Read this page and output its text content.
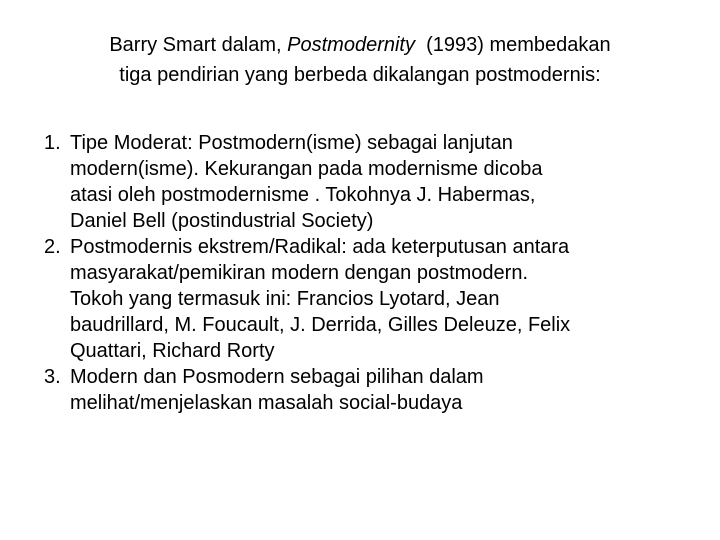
Barry Smart dalam, Postmodernity  (1993) membedakan
tiga pendirian yang berbeda dikalangan postmodernis:
1. Tipe Moderat: Postmodern(isme) sebagai lanjutan
modern(isme). Kekurangan pada modernisme dicoba
atasi oleh postmodernisme . Tokohnya J. Habermas,
Daniel Bell (postindustrial Society)
2. Postmodernis ekstrem/Radikal: ada keterputusan antara
masyarakat/pemikiran modern dengan postmodern.
Tokoh yang termasuk ini: Francios Lyotard, Jean
baudrillard, M. Foucault, J. Derrida, Gilles Deleuze, Felix
Quattari, Richard Rorty
3. Modern dan Posmodern sebagai pilihan dalam
melihat/menjelaskan masalah social-budaya
